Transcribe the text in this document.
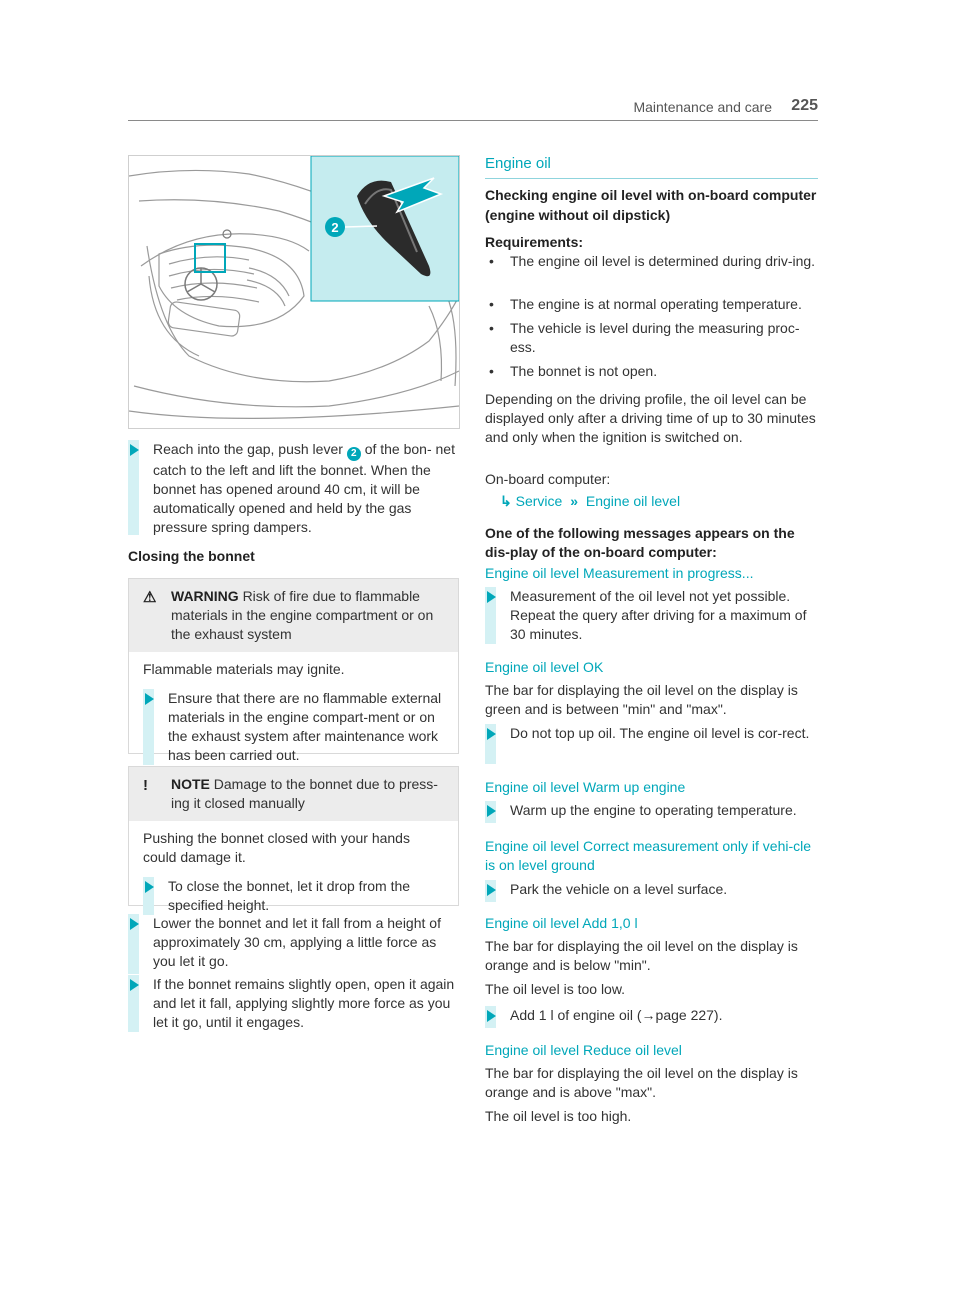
Maintenance and care 225
2
Reach into the gap, push lever 2 of the bon- net catch to the left and lift the bonnet. When the bonnet has opened around 40 cm, it will be automatically opened and held by the gas pressure spring dampers.
Closing the bonnet
⚠ WARNING Risk of fire due to flammable materials in the engine compartment or on the exhaust system

Flammable materials may ignite.

Ensure that there are no flammable external materials in the engine compart-ment or on the exhaust system after maintenance work has been carried out.
! NOTE Damage to the bonnet due to press-ing it closed manually

Pushing the bonnet closed with your hands could damage it.

To close the bonnet, let it drop from the specified height.
Lower the bonnet and let it fall from a height of approximately 30 cm, applying a little force as you let it go.
If the bonnet remains slightly open, open it again and let it fall, applying slightly more force as you let it go, until it engages.
Engine oil
Checking engine oil level with on-board computer (engine without oil dipstick)
Requirements:
• The engine oil level is determined during driv-ing.
• The engine is at normal operating temperature.
• The vehicle is level during the measuring proc-ess.
• The bonnet is not open.
Depending on the driving profile, the oil level can be displayed only after a driving time of up to 30 minutes and only when the ignition is switched on.
On-board computer:
↳ Service » Engine oil level
One of the following messages appears on the dis-play of the on-board computer:
Engine oil level Measurement in progress...
Measurement of the oil level not yet possible. Repeat the query after driving for a maximum of 30 minutes.
Engine oil level OK
The bar for displaying the oil level on the display is green and is between "min" and "max".
Do not top up oil. The engine oil level is cor-rect.
Engine oil level Warm up engine
Warm up the engine to operating temperature.
Engine oil level Correct measurement only if vehi-cle is on level ground
Park the vehicle on a level surface.
Engine oil level Add 1,0 l
The bar for displaying the oil level on the display is orange and is below "min".
The oil level is too low.
Add 1 l of engine oil (→page 227).
Engine oil level Reduce oil level
The bar for displaying the oil level on the display is orange and is above "max".
The oil level is too high.
